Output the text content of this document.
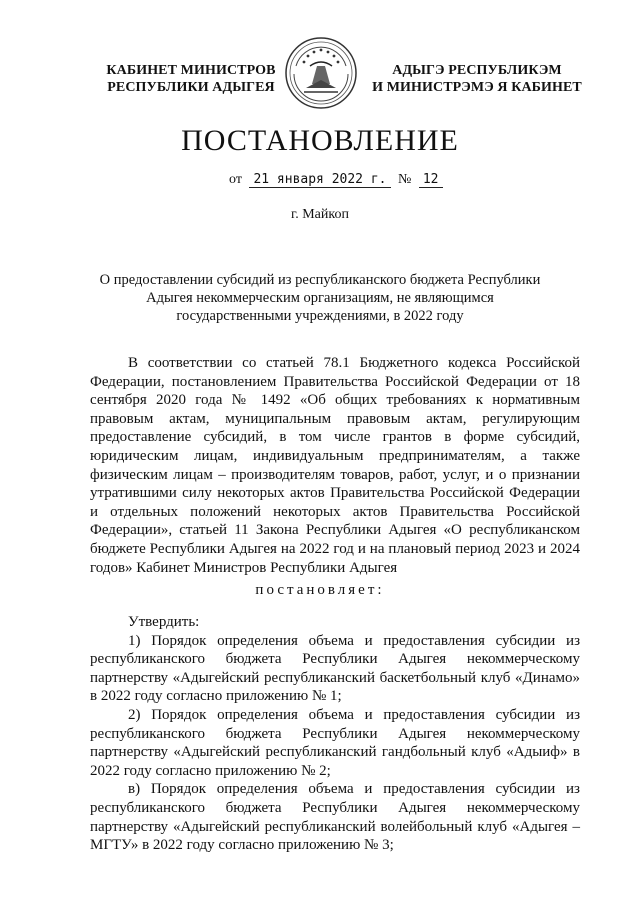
КАБИНЕТ МИНИСТРОВ
РЕСПУБЛИКИ АДЫГЕЯ
АДЫГЭ РЕСПУБЛИКЭМ
И МИНИСТРЭМЭ Я КАБИНЕТ
ПОСТАНОВЛЕНИЕ
от 21 января 2022 г. № 12
г. Майкоп
О предоставлении субсидий из республиканского бюджета Республики Адыгея некоммерческим организациям, не являющимся государственными учреждениями, в 2022 году

В соответствии со статьей 78.1 Бюджетного кодекса Российской Федерации, постановлением Правительства Российской Федерации от 18 сентября 2020 года № 1492 «Об общих требованиях к нормативным правовым актам, муниципальным правовым актам, регулирующим предоставление субсидий, в том числе грантов в форме субсидий, юридическим лицам, индивидуальным предпринимателям, а также физическим лицам – производителям товаров, работ, услуг, и о признании утратившими силу некоторых актов Правительства Российской Федерации и отдельных положений некоторых актов Правительства Российской Федерации», статьей 11 Закона Республики Адыгея «О республиканском бюджете Республики Адыгея на 2022 год и на плановый период 2023 и 2024 годов» Кабинет Министров Республики Адыгея

постановляет:

Утвердить:

1) Порядок определения объема и предоставления субсидии из республиканского бюджета Республики Адыгея некоммерческому партнерству «Адыгейский республиканский баскетбольный клуб «Динамо» в 2022 году согласно приложению № 1;

2) Порядок определения объема и предоставления субсидии из республиканского бюджета Республики Адыгея некоммерческому партнерству «Адыгейский республиканский гандбольный клуб «Адыиф» в 2022 году согласно приложению № 2;

в) Порядок определения объема и предоставления субсидии из республиканского бюджета Республики Адыгея некоммерческому партнерству «Адыгейский республиканский волейбольный клуб «Адыгея – МГТУ» в 2022 году согласно приложению № 3;
